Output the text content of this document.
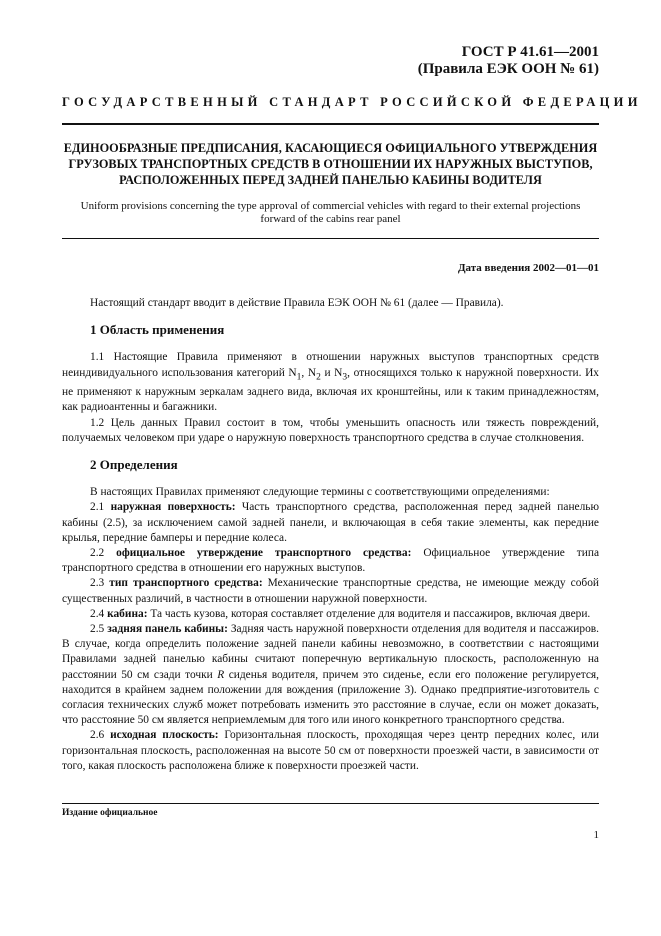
ГОСТ Р 41.61—2001
(Правила ЕЭК ООН № 61)
ГОСУДАРСТВЕННЫЙ СТАНДАРТ РОССИЙСКОЙ ФЕДЕРАЦИИ
ЕДИНООБРАЗНЫЕ ПРЕДПИСАНИЯ, КАСАЮЩИЕСЯ ОФИЦИАЛЬНОГО УТВЕРЖДЕНИЯ
ГРУЗОВЫХ ТРАНСПОРТНЫХ СРЕДСТВ В ОТНОШЕНИИ ИХ НАРУЖНЫХ ВЫСТУПОВ,
РАСПОЛОЖЕННЫХ ПЕРЕД ЗАДНЕЙ ПАНЕЛЬЮ КАБИНЫ ВОДИТЕЛЯ
Uniform provisions concerning the type approval of commercial vehicles with regard to their external projections
forward of the cabins rear panel
Дата введения 2002—01—01

Настоящий стандарт вводит в действие Правила ЕЭК ООН № 61 (далее — Правила).

1 Область применения

1.1 Настоящие Правила применяют в отношении наружных выступов транспортных средств неиндивидуального использования категорий $N_1$, $N_2$ и $N_3$, относящихся только к наружной поверхности. Их не применяют к наружным зеркалам заднего вида, включая их кронштейны, или к таким принадлежностям, как радиоантенны и багажники.

1.2 Цель данных Правил состоит в том, чтобы уменьшить опасность или тяжесть повреждений, получаемых человеком при ударе о наружную поверхность транспортного средства в случае столкновения.

2 Определения

В настоящих Правилах применяют следующие термины с соответствующими определениями:

2.1 наружная поверхность: Часть транспортного средства, расположенная перед задней панелью кабины (2.5), за исключением самой задней панели, и включающая в себя такие элементы, как передние крылья, передние бамперы и передние колеса.

2.2 официальное утверждение транспортного средства: Официальное утверждение типа транспортного средства в отношении его наружных выступов.

2.3 тип транспортного средства: Механические транспортные средства, не имеющие между собой существенных различий, в частности в отношении наружной поверхности.

2.4 кабина: Та часть кузова, которая составляет отделение для водителя и пассажиров, включая двери.

2.5 задняя панель кабины: Задняя часть наружной поверхности отделения для водителя и пассажиров. В случае, когда определить положение задней панели кабины невозможно, в соответствии с настоящими Правилами задней панелью кабины считают поперечную вертикальную плоскость, расположенную на расстоянии 50 см сзади точки R сиденья водителя, причем это сиденье, если его положение регулируется, находится в крайнем заднем положении для вождения (приложение 3). Однако предприятие-изготовитель с согласия технических служб может потребовать изменить это расстояние в случае, если он может доказать, что расстояние 50 см является неприемлемым для того или иного конкретного транспортного средства.

2.6 исходная плоскость: Горизонтальная плоскость, проходящая через центр передних колес, или горизонтальная плоскость, расположенная на высоте 50 см от поверхности проезжей части, в зависимости от того, какая плоскость расположена ближе к поверхности проезжей части.

Издание официальное
1
